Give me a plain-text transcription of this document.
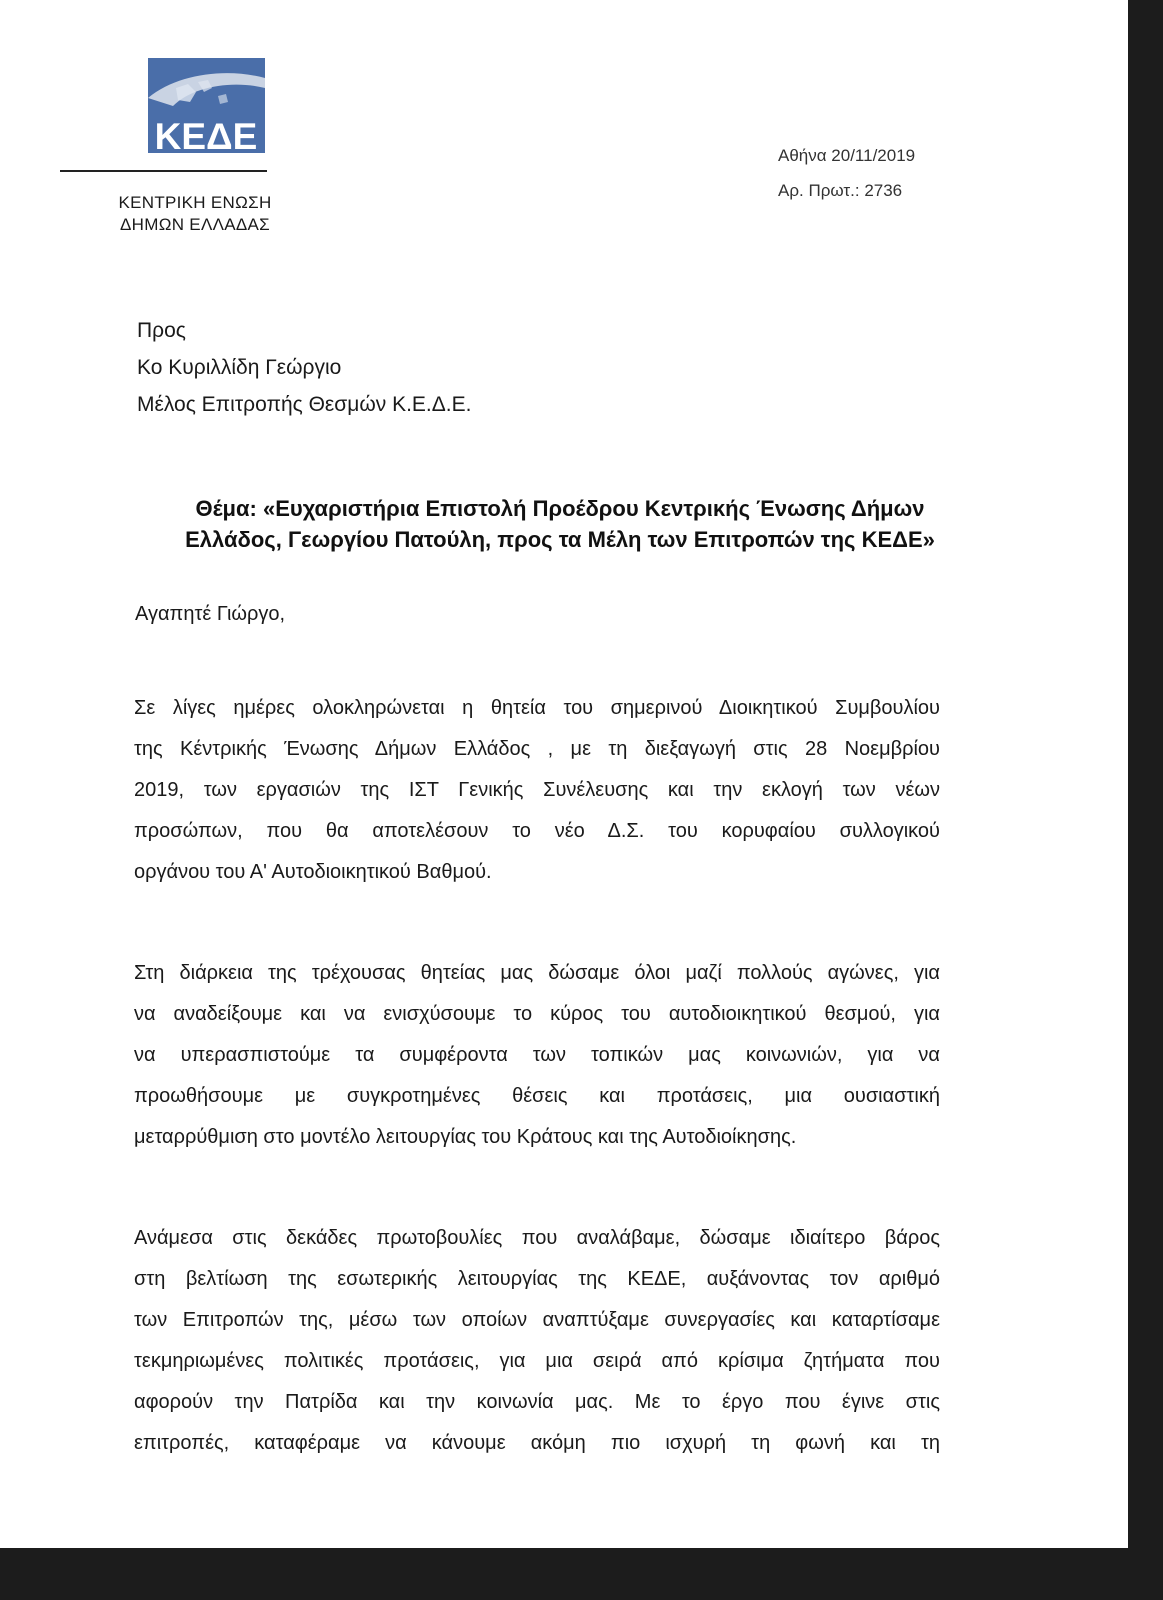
ΚΕΔΕ
ΚΕΝΤΡΙΚΗ ΕΝΩΣΗ
ΔΗΜΩΝ ΕΛΛΑΔΑΣ
Αθήνα 20/11/2019
Αρ. Πρωτ.: 2736
Προς
Κο Κυριλλίδη Γεώργιο
Μέλος Επιτροπής Θεσμών Κ.Ε.Δ.Ε.
Θέμα: «Ευχαριστήρια Επιστολή Προέδρου Κεντρικής Ένωσης Δήμων
Ελλάδος, Γεωργίου Πατούλη, προς τα Μέλη των Επιτροπών της ΚΕΔΕ»
Αγαπητέ Γιώργο,
Σε λίγες ημέρες ολοκληρώνεται η θητεία του σημερινού Διοικητικού Συμβουλίου
της Κέντρικής Ένωσης Δήμων Ελλάδος , με τη διεξαγωγή στις 28 Νοεμβρίου
2019, των εργασιών της ΙΣΤ Γενικής Συνέλευσης και την εκλογή των νέων
προσώπων, που θα αποτελέσουν το νέο Δ.Σ. του κορυφαίου συλλογικού
οργάνου του Α' Αυτοδιοικητικού Βαθμού.
Στη διάρκεια της τρέχουσας θητείας μας δώσαμε όλοι μαζί πολλούς αγώνες, για
να αναδείξουμε και να ενισχύσουμε το κύρος του αυτοδιοικητικού θεσμού, για
να υπερασπιστούμε τα συμφέροντα των τοπικών μας κοινωνιών, για να
προωθήσουμε με συγκροτημένες θέσεις και προτάσεις, μια ουσιαστική
μεταρρύθμιση στο μοντέλο λειτουργίας του Κράτους και της Αυτοδιοίκησης.
Ανάμεσα στις δεκάδες πρωτοβουλίες που αναλάβαμε, δώσαμε ιδιαίτερο βάρος
στη βελτίωση της εσωτερικής λειτουργίας της ΚΕΔΕ, αυξάνοντας τον αριθμό
των Επιτροπών της, μέσω των οποίων αναπτύξαμε συνεργασίες και καταρτίσαμε
τεκμηριωμένες πολιτικές προτάσεις, για μια σειρά από κρίσιμα ζητήματα που
αφορούν την Πατρίδα και την κοινωνία μας. Με το έργο που έγινε στις
επιτροπές, καταφέραμε να κάνουμε ακόμη πιο ισχυρή τη φωνή και τη
